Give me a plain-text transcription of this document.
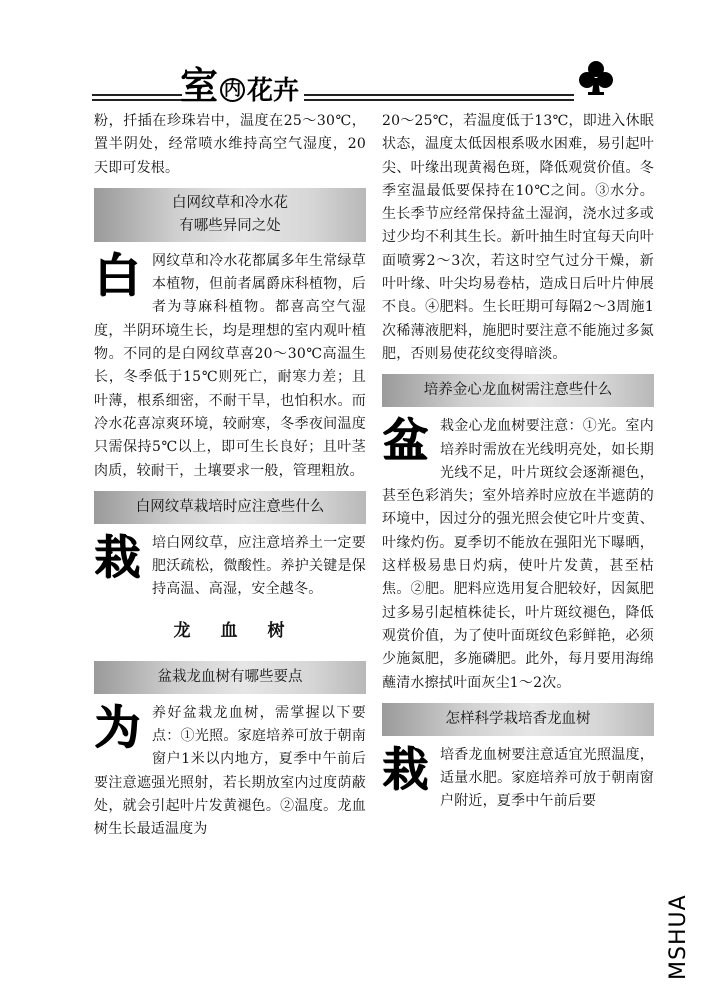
室 内 花卉

粉，扦插在珍珠岩中，温度在25～30℃，置半阴处，经常喷水维持高空气湿度，20天即可发根。

白网纹草和冷水花
有哪些异同之处

白网纹草和冷水花都属多年生常绿草本植物，但前者属爵床科植物，后者为荨麻科植物。都喜高空气湿度，半阴环境生长，均是理想的室内观叶植物。不同的是白网纹草喜20～30℃高温生长，冬季低于15℃则死亡，耐寒力差；且叶薄，根系细密，不耐干旱，也怕积水。而冷水花喜凉爽环境，较耐寒，冬季夜间温度只需保持5℃以上，即可生长良好；且叶茎肉质，较耐干，土壤要求一般，管理粗放。

白网纹草栽培时应注意些什么

栽培白网纹草，应注意培养土一定要肥沃疏松，微酸性。养护关键是保持高温、高湿，安全越冬。

龙血树
盆栽龙血树有哪些要点

为养好盆栽龙血树，需掌握以下要点：①光照。家庭培养可放于朝南窗户1米以内地方，夏季中午前后要注意遮强光照射，若长期放室内过度荫蔽处，就会引起叶片发黄褪色。②温度。龙血树生长最适温度为

20～25℃，若温度低于13℃，即进入休眠状态，温度太低因根系吸水困难，易引起叶尖、叶缘出现黄褐色斑，降低观赏价值。冬季室温最低要保持在10℃之间。③水分。生长季节应经常保持盆土湿润，浇水过多或过少均不利其生长。新叶抽生时宜每天向叶面喷雾2～3次，若这时空气过分干燥，新叶叶缘、叶尖均易卷枯，造成日后叶片伸展不良。④肥料。生长旺期可每隔2～3周施1次稀薄液肥料，施肥时要注意不能施过多氮肥，否则易使花纹变得暗淡。

培养金心龙血树需注意些什么

盆栽金心龙血树要注意：①光。室内培养时需放在光线明亮处，如长期光线不足，叶片斑纹会逐渐褪色，甚至色彩消失；室外培养时应放在半遮荫的环境中，因过分的强光照会使它叶片变黄、叶缘灼伤。夏季切不能放在强阳光下曝晒，这样极易患日灼病，使叶片发黄，甚至枯焦。②肥。肥料应选用复合肥较好，因氮肥过多易引起植株徒长，叶片斑纹褪色，降低观赏价值，为了使叶面斑纹色彩鲜艳，必须少施氮肥，多施磷肥。此外，每月要用海绵蘸清水擦拭叶面灰尘1～2次。

怎样科学栽培香龙血树

栽培香龙血树要注意适宜光照温度，适量水肥。家庭培养可放于朝南窗户附近，夏季中午前后要

MSHUA
